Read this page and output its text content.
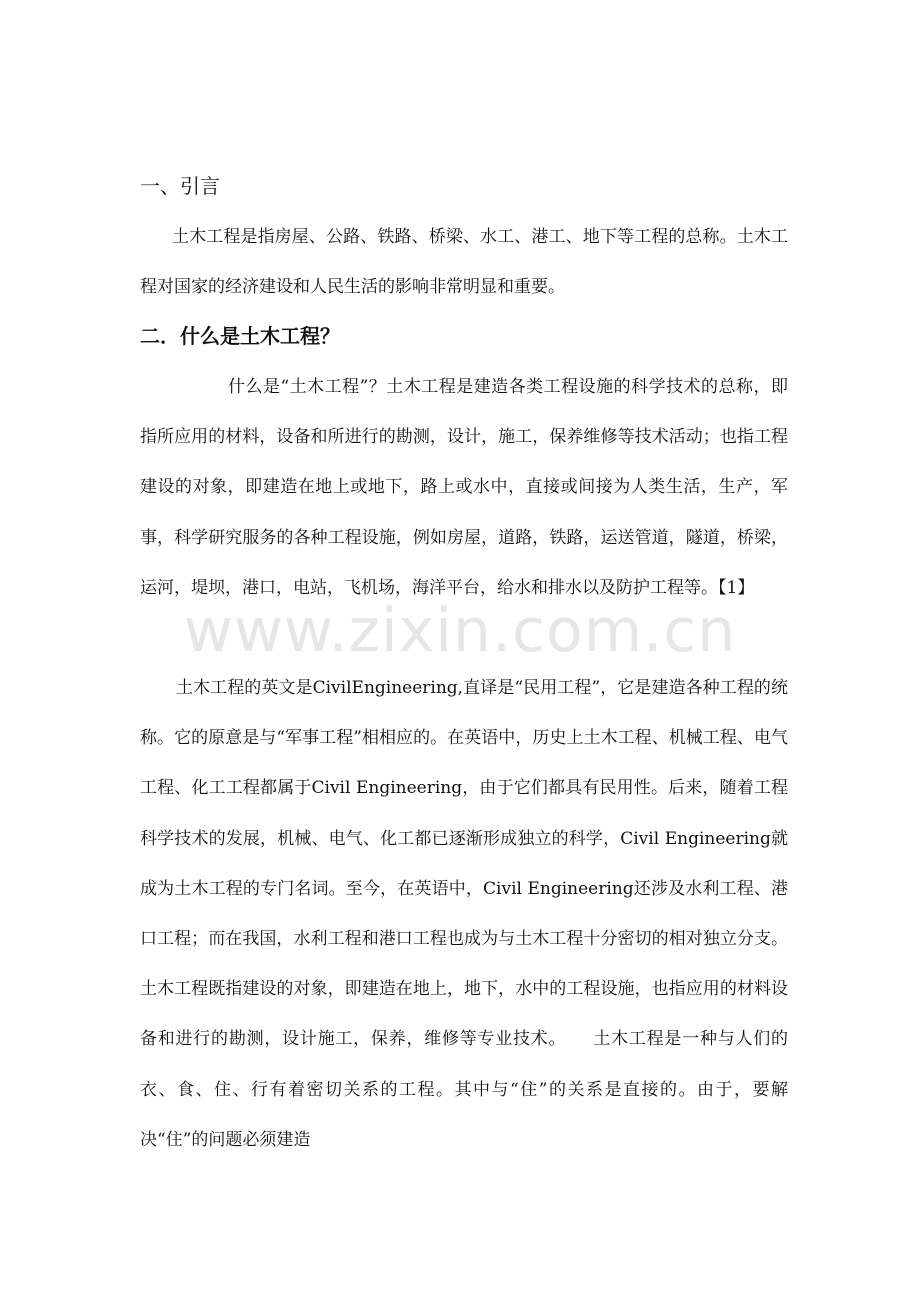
www.zixin.com.cn
一、引言

土木工程是指房屋、公路、铁路、桥梁、水工、港工、地下等工程的总称。土木工程对国家的经济建设和人民生活的影响非常明显和重要。

二．什么是土木工程？

什么是“土木工程”？土木工程是建造各类工程设施的科学技术的总称，即指所应用的材料，设备和所进行的勘测，设计，施工，保养维修等技术活动；也指工程建设的对象，即建造在地上或地下，路上或水中，直接或间接为人类生活，生产，军事，科学研究服务的各种工程设施，例如房屋，道路，铁路，运送管道，隧道，桥梁，运河，堤坝，港口，电站，飞机场，海洋平台，给水和排水以及防护工程等。【1】

土木工程的英文是CivilEngineering,直译是“民用工程”，它是建造各种工程的统称。它的原意是与“军事工程”相相应的。在英语中，历史上土木工程、机械工程、电气工程、化工工程都属于Civil Engineering，由于它们都具有民用性。后来，随着工程科学技术的发展，机械、电气、化工都已逐渐形成独立的科学，Civil Engineering就成为土木工程的专门名词。至今，在英语中，Civil Engineering还涉及水利工程、港口工程；而在我国，水利工程和港口工程也成为与土木工程十分密切的相对独立分支。土木工程既指建设的对象，即建造在地上，地下，水中的工程设施，也指应用的材料设备和进行的勘测，设计施工，保养，维修等专业技术。　　土木工程是一种与人们的衣、食、住、行有着密切关系的工程。其中与“住”的关系是直接的。由于，要解决“住”的问题必须建造
